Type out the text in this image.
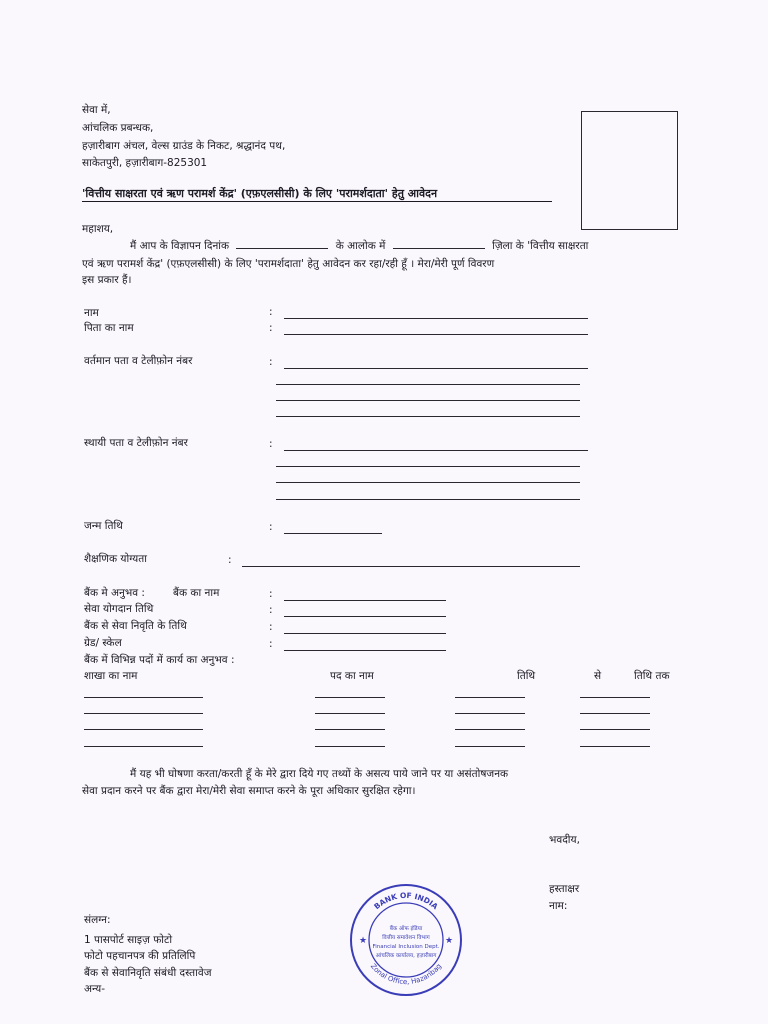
सेवा में,
आंचलिक प्रबन्धक,
हज़ारीबाग अंचल, वेल्स ग्राउंड के निकट, श्रद्धानंद पथ,
साकेतपुरी, हज़ारीबाग-825301
'वित्तीय साक्षरता एवं ऋण परामर्श केंद्र' (एफ़एलसीसी) के लिए 'परामर्शदाता' हेतु आवेदन
महाशय,
मैं आप के विज्ञापन दिनांक	के आलोक में	ज़िला के 'वित्तीय साक्षरता
एवं ऋण परामर्श केंद्र' (एफ़एलसीसी) के लिए 'परामर्शदाता' हेतु आवेदन कर रहा/रही हूँ । मेरा/मेरी पूर्ण विवरण
इस प्रकार हैं।
नाम	:
पिता का नाम	:
वर्तमान पता व टेलीफ़ोन नंबर	:
स्थायी पता व टेलीफ़ोन नंबर	:
जन्म तिथि	:
शैक्षणिक योग्यता	:
बैंक मे अनुभव :	बैंक का नाम	:
सेवा योगदान तिथि	:
बैंक से सेवा निवृति के तिथि	:
ग्रेड/ स्केल	:
बैंक में विभिन्न पदों में कार्य का अनुभव :
शाखा का नाम	पद का नाम	तिथि	से	तिथि तक
मैं यह भी घोषणा करता/करती हूँ के मेरे द्वारा दिये गए तथ्यों के असत्य पाये जाने पर या असंतोषजनक
सेवा प्रदान करने पर बैंक द्वारा मेरा/मेरी सेवा समाप्त करने के पूरा अधिकार सुरक्षित रहेगा।
भवदीय,
हस्ताक्षर
नाम:
संलग्न:
1 पासपोर्ट साइज़ फोटो
फोटो पहचानपत्र की प्रतिलिपि
बैंक से सेवानिवृति संबंधी दस्तावेज
अन्य-
BANK OF INDIA
Zonal Office, Hazaribag
★	★
बैंक ऑफ इंडिया
वित्तीय समावेशन विभाग
Financial Inclusion Dept.
आंचलिक कार्यालय, हज़ारीबाग
